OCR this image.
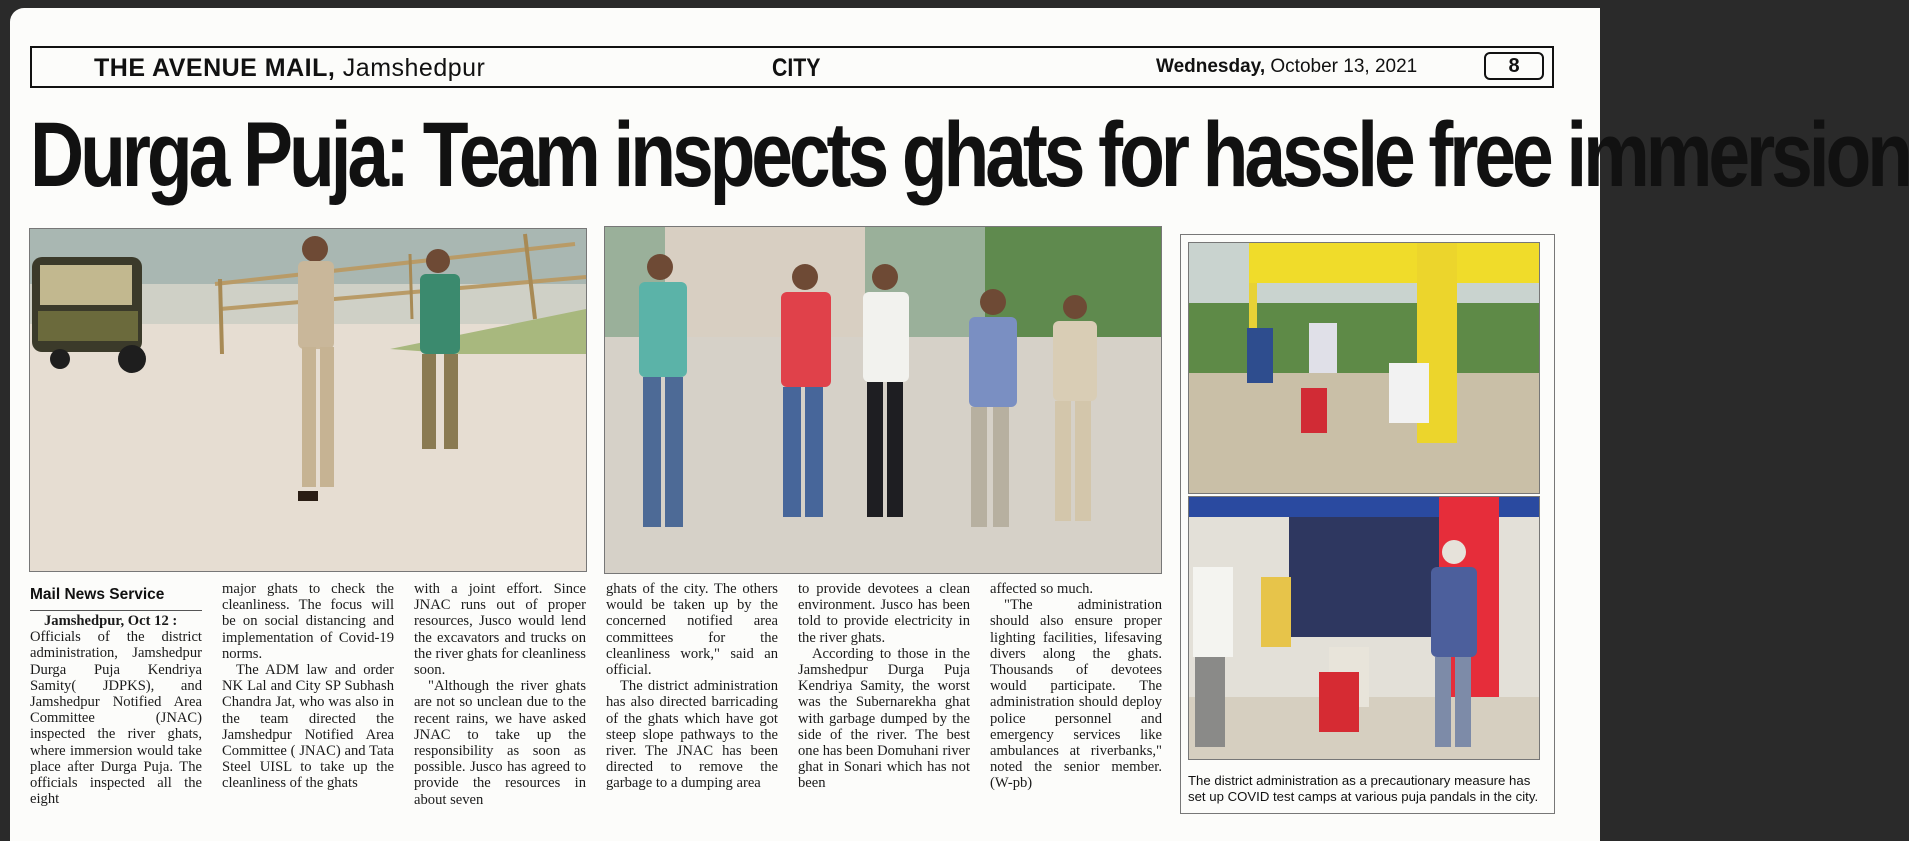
THE AVENUE MAIL, Jamshedpur	CITY	Wednesday, October 13, 2021	8
Durga Puja: Team inspects ghats for hassle free immersion
The district administration as a precautionary measure has set up COVID test camps at various puja pandals in the city.
Mail News Service

Jamshedpur, Oct 12 :

Officials of the district administration, Jamshedpur Durga Puja Kendriya Samity( JDPKS), and Jamshedpur Notified Area Committee (JNAC) inspected the river ghats, where immersion would take place after Durga Puja. The officials inspected all the eight

major ghats to check the cleanliness. The focus will be on social distancing and implementation of Covid-19 norms.

The ADM law and order NK Lal and City SP Subhash Chandra Jat, who was also in the team directed the Jamshedpur Notified Area Committee ( JNAC) and Tata Steel UISL to take up the cleanliness of the ghats

with a joint effort. Since JNAC runs out of proper resources, Jusco would lend the excavators and trucks on the river ghats for cleanliness soon.

"Although the river ghats are not so unclean due to the recent rains, we have asked JNAC to take up the responsibility as soon as possible. Jusco has agreed to provide the resources in about seven

ghats of the city. The others would be taken up by the concerned notified area committees for the cleanliness work," said an official.

The district administration has also directed barricading of the ghats which have got steep slope pathways to the river. The JNAC has been directed to remove the garbage to a dumping area

to provide devotees a clean environment. Jusco has been told to provide electricity in the river ghats.

According to those in the Jamshedpur Durga Puja Kendriya Samity, the worst was the Subernarekha ghat with garbage dumped by the side of the river. The best one has been Domuhani river ghat in Sonari which has not been

affected so much.

"The administration should also ensure proper lighting facilities, lifesaving divers along the ghats. Thousands of devotees would participate. The administration should deploy police personnel and emergency services like ambulances at riverbanks," noted the senior member. (W-pb)
